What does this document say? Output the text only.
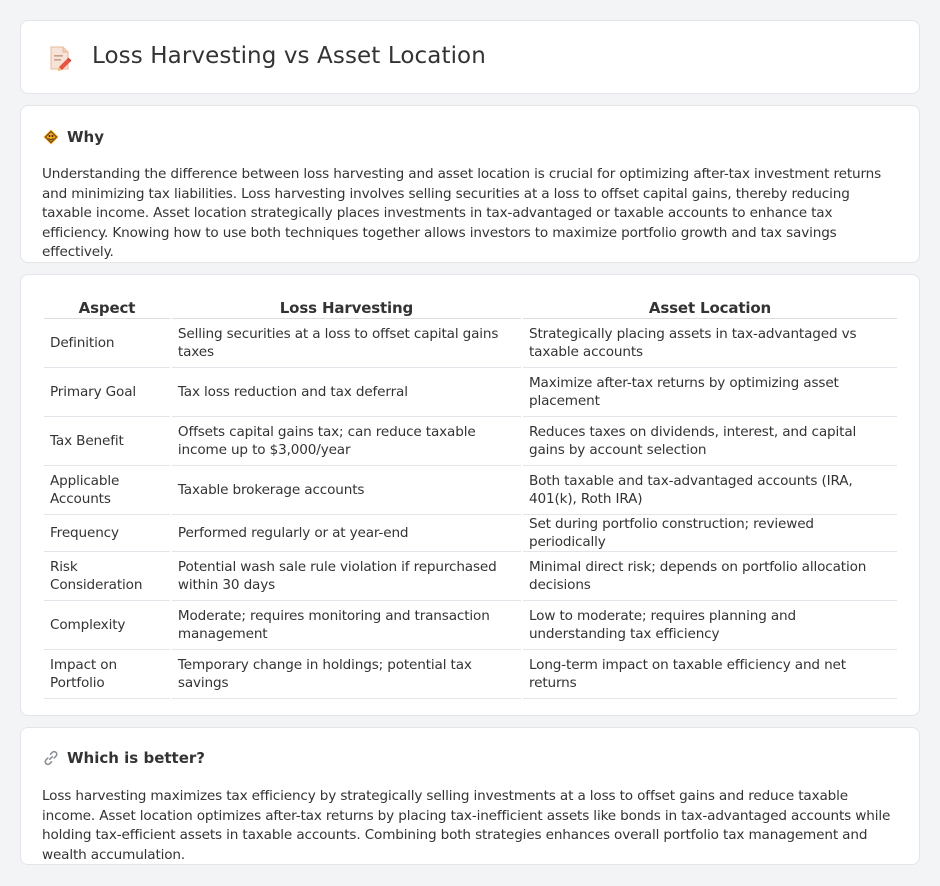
Loss Harvesting vs Asset Location
Why

Understanding the difference between loss harvesting and asset location is crucial for optimizing after-tax investment returns and minimizing tax liabilities. Loss harvesting involves selling securities at a loss to offset capital gains, thereby reducing taxable income. Asset location strategically places investments in tax-advantaged or taxable accounts to enhance tax efficiency. Knowing how to use both techniques together allows investors to maximize portfolio growth and tax savings effectively.

Aspect	Loss Harvesting	Asset Location
Definition	Selling securities at a loss to offset capital gains taxes	Strategically placing assets in tax-advantaged vs taxable accounts
Primary Goal	Tax loss reduction and tax deferral	Maximize after-tax returns by optimizing asset placement
Tax Benefit	Offsets capital gains tax; can reduce taxable income up to $3,000/year	Reduces taxes on dividends, interest, and capital gains by account selection
Applicable Accounts	Taxable brokerage accounts	Both taxable and tax-advantaged accounts (IRA, 401(k), Roth IRA)
Frequency	Performed regularly or at year-end	Set during portfolio construction; reviewed periodically
Risk Consideration	Potential wash sale rule violation if repurchased within 30 days	Minimal direct risk; depends on portfolio allocation decisions
Complexity	Moderate; requires monitoring and transaction management	Low to moderate; requires planning and understanding tax efficiency
Impact on Portfolio	Temporary change in holdings; potential tax savings	Long-term impact on taxable efficiency and net returns
Which is better?

Loss harvesting maximizes tax efficiency by strategically selling investments at a loss to offset gains and reduce taxable income. Asset location optimizes after-tax returns by placing tax-inefficient assets like bonds in tax-advantaged accounts while holding tax-efficient assets in taxable accounts. Combining both strategies enhances overall portfolio tax management and wealth accumulation.
